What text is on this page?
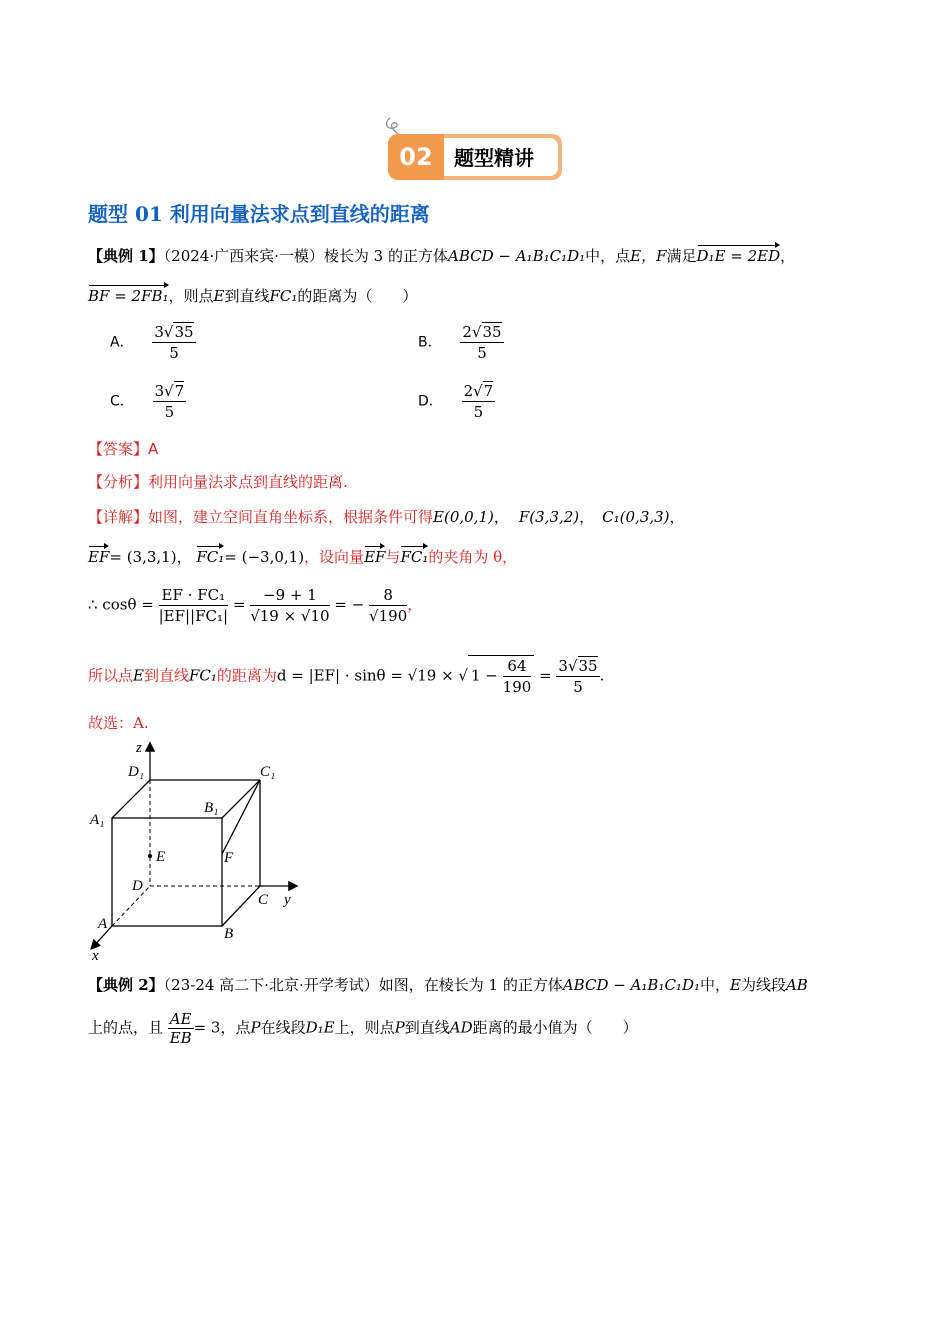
02	题型精讲
题型 01 利用向量法求点到直线的距离
【典例 1】（2024·广西来宾·一模）棱长为 3 的正方体ABCD − A₁B₁C₁D₁中，点E，F满足D₁E = 2ED，
BF = 2FB₁，则点E到直线FC₁的距离为（　　）
A． $\frac{3√35}{5}$	B． $\frac{2√35}{5}$
C． $\frac{3√7}{5}$	D． $\frac{2√7}{5}$
【答案】A
【分析】利用向量法求点到直线的距离.
【详解】如图，建立空间直角坐标系，根据条件可得E(0,0,1)， F(3,3,2)， C₁(0,3,3)，
EF= (3,3,1)， FC₁= (−3,0,1)，设向量EF与FC₁的夹角为 θ，
∴ $\cos\theta = \frac{\text{EF · FC₁}}{\text{|EF||FC₁|}} = \frac{-9 + 1}{√19 \times √10}$ = − $\frac{8}{√190}$ ，
所以点E到直线FC₁的距离为d = |EF| · sinθ = √19 × √ $1 - \frac{64}{190} = \frac{3√35}{5}$ .
故选：A.
z
D₁	C₁
A₁
B₁
E	F
D
C y
A
B
x
【典例 2】（23-24 高二下·北京·开学考试）如图，在棱长为 1 的正方体ABCD − A₁B₁C₁D₁中，E为线段AB
上的点，且 $\frac{AE}{EB} = 3$，点P在线段D₁E上，则点P到直线AD距离的最小值为（　　）
